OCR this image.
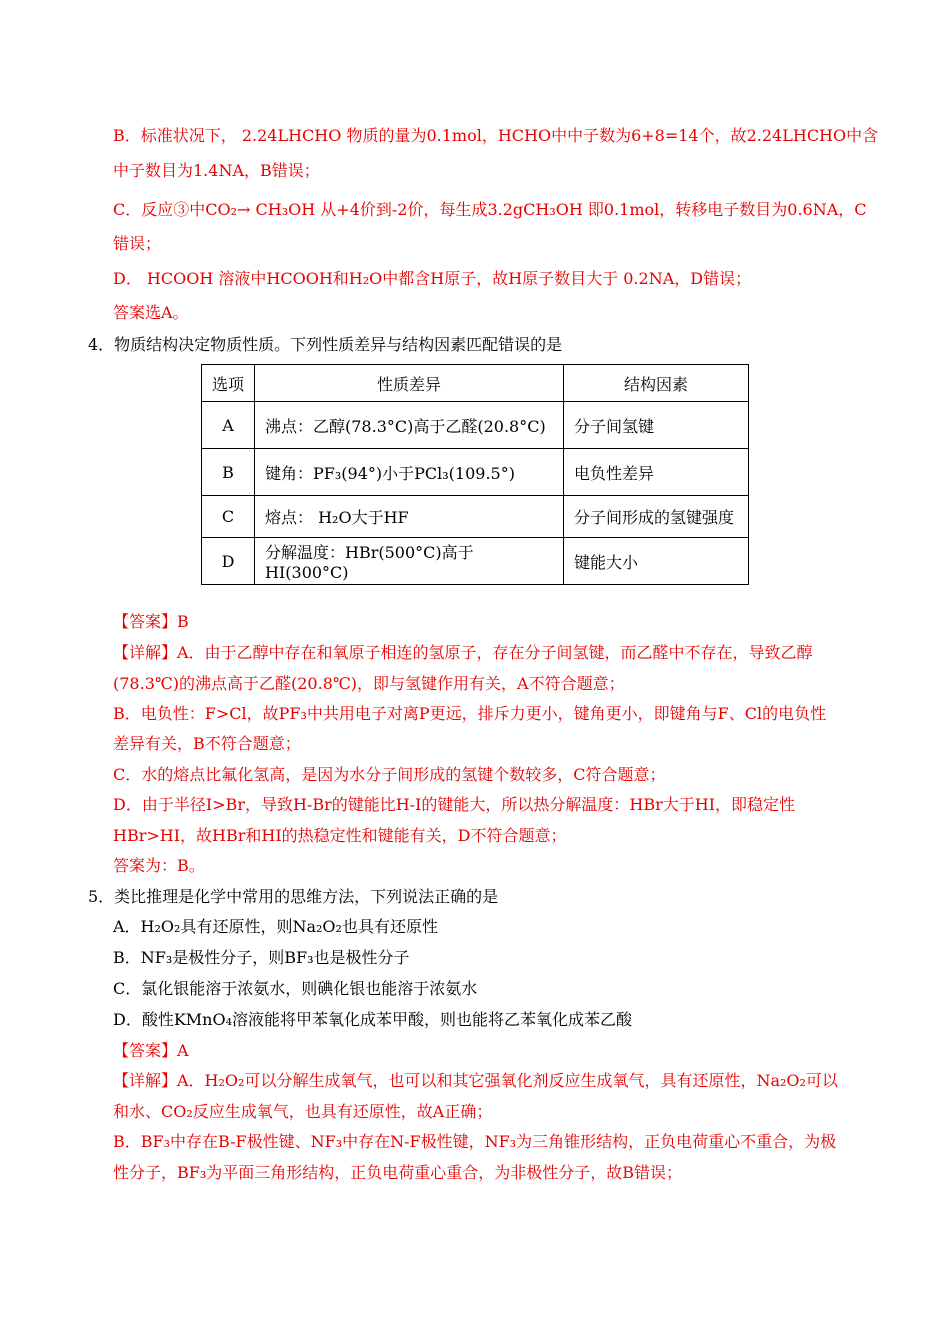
B．标准状况下， 2.24LHCHO 物质的量为0.1mol，HCHO中中子数为6+8=14个，故2.24LHCHO中含
中子数目为1.4NA，B错误；
C．反应③中CO₂→ CH₃OH 从+4价到-2价，每生成3.2gCH₃OH 即0.1mol，转移电子数目为0.6NA，C
错误；
D． HCOOH 溶液中HCOOH和H₂O中都含H原子，故H原子数目大于 0.2NA，D错误；
答案选A。
4．物质结构决定物质性质。下列性质差异与结构因素匹配错误的是
选项	性质差异	结构因素
A	沸点：乙醇(78.3°C)高于乙醛(20.8°C)	分子间氢键
B	键角：PF₃(94°)小于PCl₃(109.5°)	电负性差异
C	熔点： H₂O大于HF	分子间形成的氢键强度
D	分解温度：HBr(500°C)高于HI(300°C)	键能大小
【答案】B
【详解】A．由于乙醇中存在和氧原子相连的氢原子，存在分子间氢键，而乙醛中不存在，导致乙醇
(78.3℃)的沸点高于乙醛(20.8℃)，即与氢键作用有关，A不符合题意；
B．电负性：F>Cl，故PF₃中共用电子对离P更远，排斥力更小，键角更小，即键角与F、Cl的电负性
差异有关，B不符合题意；
C．水的熔点比氟化氢高，是因为水分子间形成的氢键个数较多，C符合题意；
D．由于半径I>Br，导致H-Br的键能比H-I的键能大，所以热分解温度：HBr大于HI，即稳定性
HBr>HI，故HBr和HI的热稳定性和键能有关，D不符合题意；
答案为：B。
5．类比推理是化学中常用的思维方法，下列说法正确的是
A．H₂O₂具有还原性，则Na₂O₂也具有还原性
B．NF₃是极性分子，则BF₃也是极性分子
C．氯化银能溶于浓氨水，则碘化银也能溶于浓氨水
D．酸性KMnO₄溶液能将甲苯氧化成苯甲酸，则也能将乙苯氧化成苯乙酸
【答案】A
【详解】A．H₂O₂可以分解生成氧气，也可以和其它强氧化剂反应生成氧气，具有还原性，Na₂O₂可以
和水、CO₂反应生成氧气，也具有还原性，故A正确；
B．BF₃中存在B-F极性键、NF₃中存在N-F极性键，NF₃为三角锥形结构，正负电荷重心不重合，为极
性分子，BF₃为平面三角形结构，正负电荷重心重合，为非极性分子，故B错误；
